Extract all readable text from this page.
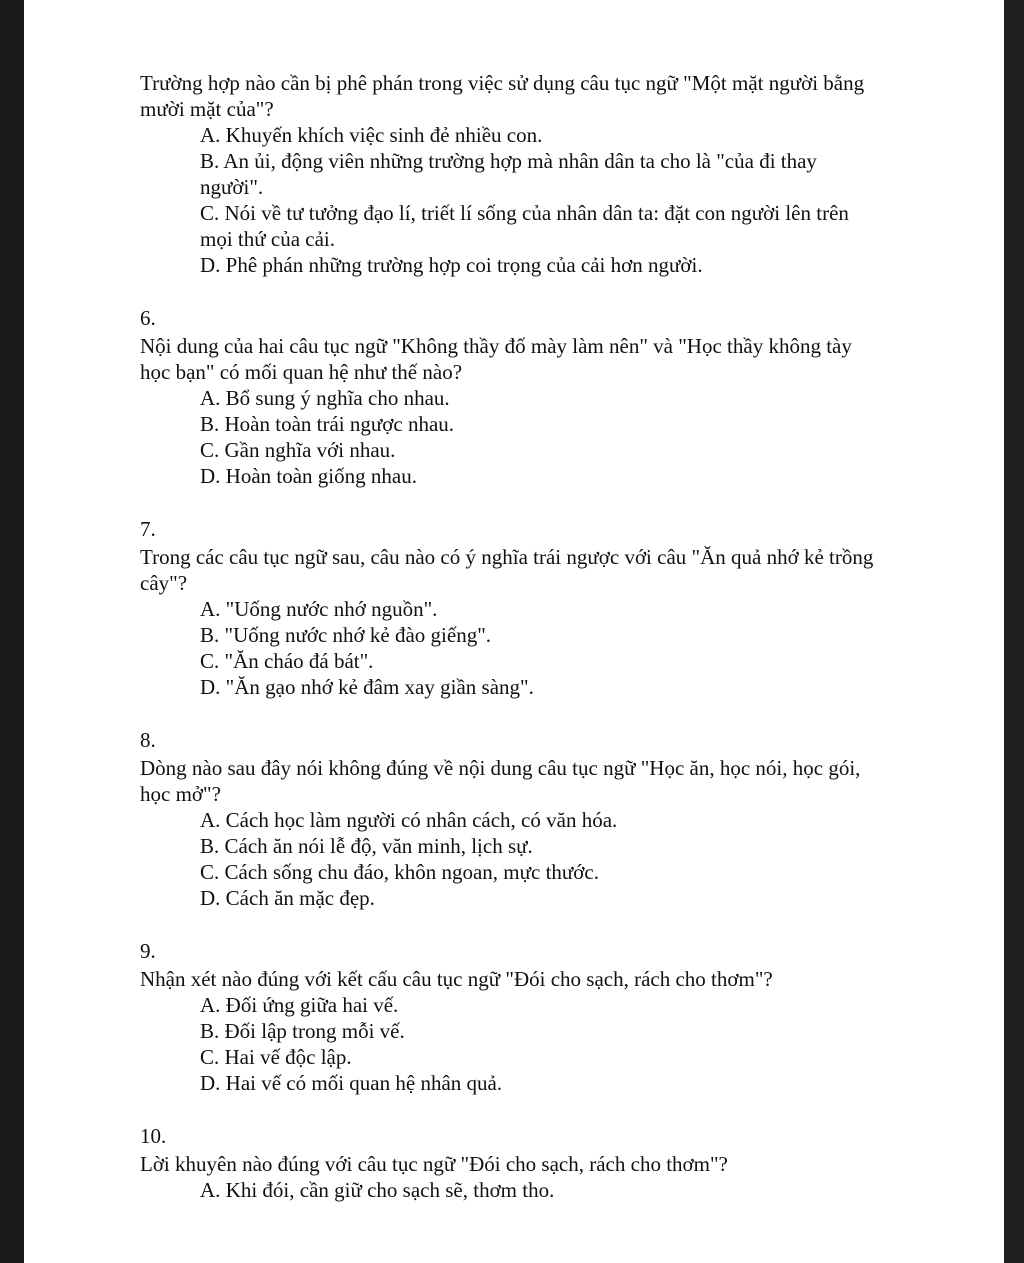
Trường hợp nào cần bị phê phán trong việc sử dụng câu tục ngữ "Một mặt người bằng mười mặt của"?
A. Khuyến khích việc sinh đẻ nhiều con.
B. An ủi, động viên những trường hợp mà nhân dân ta cho là "của đi thay người".
C. Nói về tư tưởng đạo lí, triết lí sống của nhân dân ta: đặt con người lên trên mọi thứ của cải.
D. Phê phán những trường hợp coi trọng của cải hơn người.
6.
Nội dung của hai câu tục ngữ "Không thầy đố mày làm nên" và "Học thầy không tày học bạn" có mối quan hệ như thế nào?
A. Bổ sung ý nghĩa cho nhau.
B. Hoàn toàn trái ngược nhau.
C. Gần nghĩa với nhau.
D. Hoàn toàn giống nhau.
7.
Trong các câu tục ngữ sau, câu nào có ý nghĩa trái ngược với câu "Ăn quả nhớ kẻ trồng cây"?
A. "Uống nước nhớ nguồn".
B. "Uống nước nhớ kẻ đào giếng".
C. "Ăn cháo đá bát".
D. "Ăn gạo nhớ kẻ đâm xay giần sàng".
8.
Dòng nào sau đây nói không đúng về nội dung câu tục ngữ "Học ăn, học nói, học gói, học mở"?
A. Cách học làm người có nhân cách, có văn hóa.
B. Cách ăn nói lễ độ, văn minh, lịch sự.
C. Cách sống chu đáo, khôn ngoan, mực thước.
D. Cách ăn mặc đẹp.
9.
Nhận xét nào đúng với kết cấu câu tục ngữ "Đói cho sạch, rách cho thơm"?
A. Đối ứng giữa hai vế.
B. Đối lập trong mỗi vế.
C. Hai vế độc lập.
D. Hai vế có mối quan hệ nhân quả.
10.
Lời khuyên nào đúng với câu tục ngữ "Đói cho sạch, rách cho thơm"?
A. Khi đói, cần giữ cho sạch sẽ, thơm tho.
